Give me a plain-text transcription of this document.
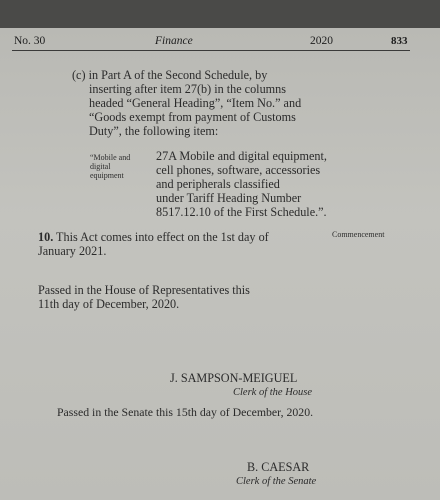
No. 30	Finance	2020	833
(c) in Part A of the Second Schedule, by
inserting after item 27(b) in the columns
headed “General Heading”, “Item No.” and
“Goods exempt from payment of Customs
Duty”, the following item:
“Mobile and
digital
equipment
27A Mobile and digital equipment,
cell phones, software, accessories
and peripherals classified
under Tariff Heading Number
8517.12.10 of the First Schedule.”.
10. This Act comes into effect on the 1st day of
January 2021.
Commencement
Passed in the House of Representatives this
11th day of December, 2020.
J. SAMPSON-MEIGUEL
Clerk of the House
Passed in the Senate this 15th day of December, 2020.
B. CAESAR
Clerk of the Senate
